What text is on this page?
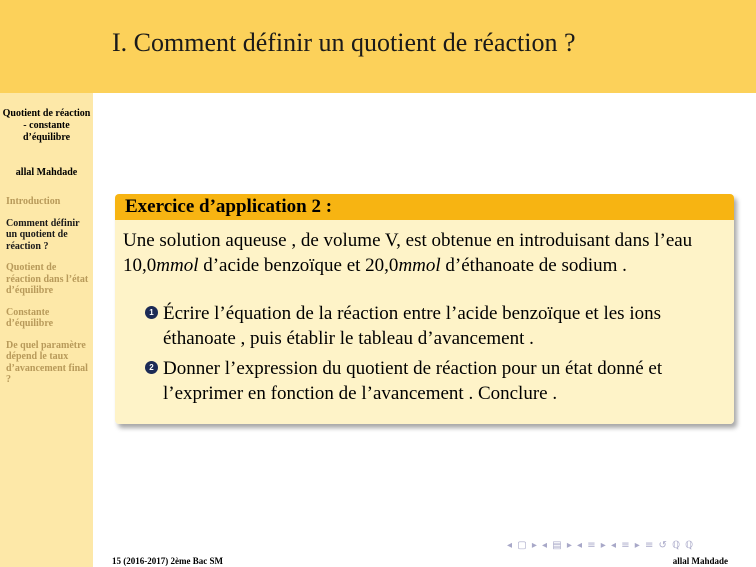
I. Comment définir un quotient de réaction ?
Quotient de réaction - constante d’équilibre
allal Mahdade
Introduction
Comment définir un quotient de réaction ?
Quotient de réaction dans l’état d’équilibre
Constante d’équilibre
De quel paramètre dépend le taux d’avancement final ?
Exercice d’application 2 :

Une solution aqueuse , de volume V, est obtenue en introduisant dans l’eau 10,0mmol d’acide benzoïque et 20,0mmol d’éthanoate de sodium .

1 Écrire l’équation de la réaction entre l’acide benzoïque et les ions éthanoate , puis établir le tableau d’avancement .
2 Donner l’expression du quotient de réaction pour un état donné et l’exprimer en fonction de l’avancement . Conclure .
◂ ▢ ▸ ◂ ▤ ▸ ◂ ≡ ▸ ◂ ≡ ▸ ≡ ↺ ℚ ℚ
15 (2016-2017) 2ème Bac SM	allal Mahdade
